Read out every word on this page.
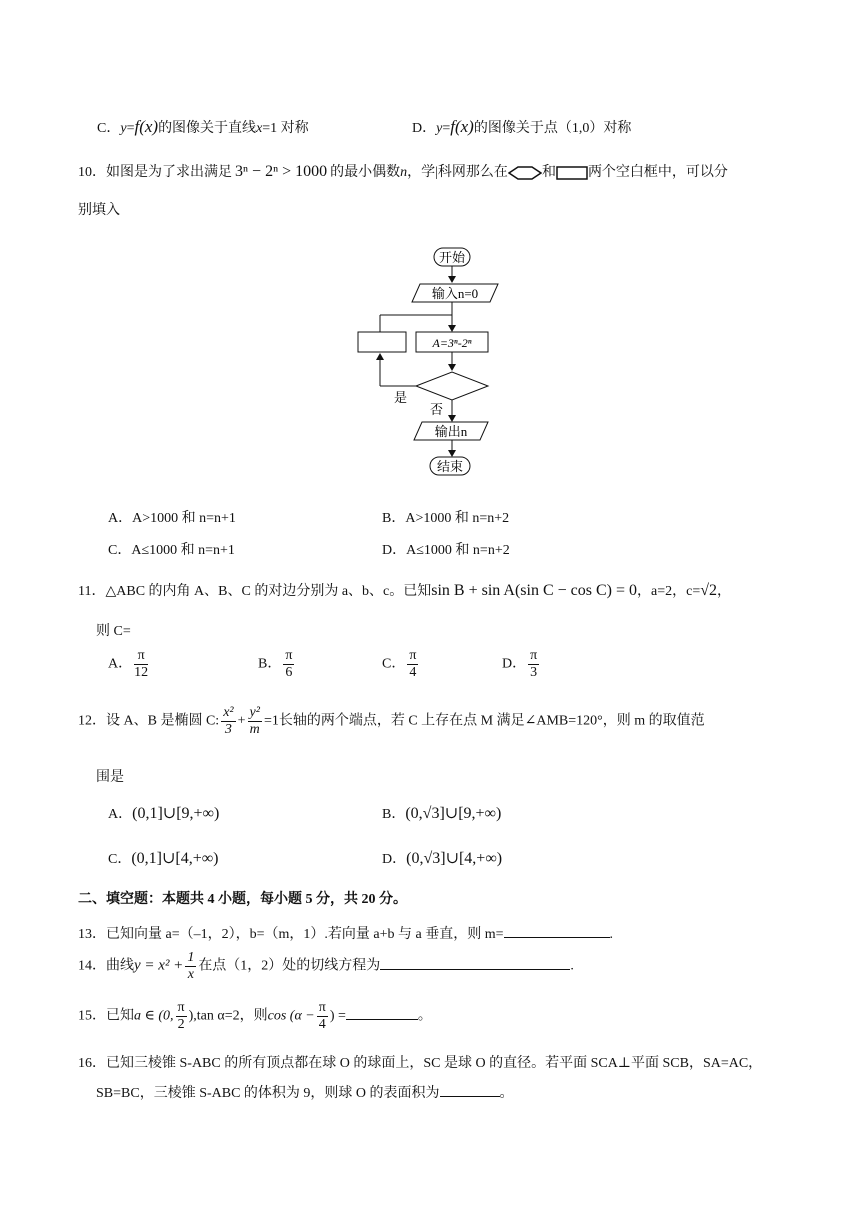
C．y=f(x)的图像关于直线x=1 对称	D．y=f(x)的图像关于点（1,0）对称
10．如图是为了求出满足 3ⁿ − 2ⁿ > 1000 的最小偶数n，学|科网那么在 和 两个空白框中，可以分
别填入
开始
输入n=0
A=3ⁿ-2ⁿ
是
否
输出n
结束
A．A>1000 和 n=n+1	B．A>1000 和 n=n+2
C．A≤1000 和 n=n+1	D．A≤1000 和 n=n+2
11．△ABC 的内角 A、B、C 的对边分别为 a、b、c。已知sin B + sin A(sin C − cos C) = 0，a=2，c=√2，
则 C=
A． $\frac{\pi}{12}$	B． $\frac{\pi}{6}$	C． $\frac{\pi}{4}$	D． $\frac{\pi}{3}$
12．设 A、B 是椭圆 C: $\frac{\text{x²}}{3} + \frac{\text{y²}}{m} =1$长轴的两个端点，若 C 上存在点 M 满足∠AMB=120°，则 m 的取值范
围是
A．(0,1]∪[9,+∞)	B．(0,√3]∪[9,+∞)
C．(0,1]∪[4,+∞)	D．(0,√3]∪[4,+∞)
二、填空题：本题共 4 小题，每小题 5 分，共 20 分。
13．已知向量 a=（–1，2），b=（m，1）.若向量 a+b 与 a 垂直，则 m=	.
14．曲线$y = x^2 + \frac{1}{x}$ 在点（1，2）处的切线方程为	.
15．已知a ∈ (0, $\frac{\pi}{2} ),\tan$ α=2，则$\cos (\alpha - \frac{\pi}{4}$ ) =	。
16．已知三棱锥 S-ABC 的所有顶点都在球 O 的球面上，SC 是球 O 的直径。若平面 SCA⊥平面 SCB，SA=AC，
SB=BC，三棱锥 S-ABC 的体积为 9，则球 O 的表面积为	。
